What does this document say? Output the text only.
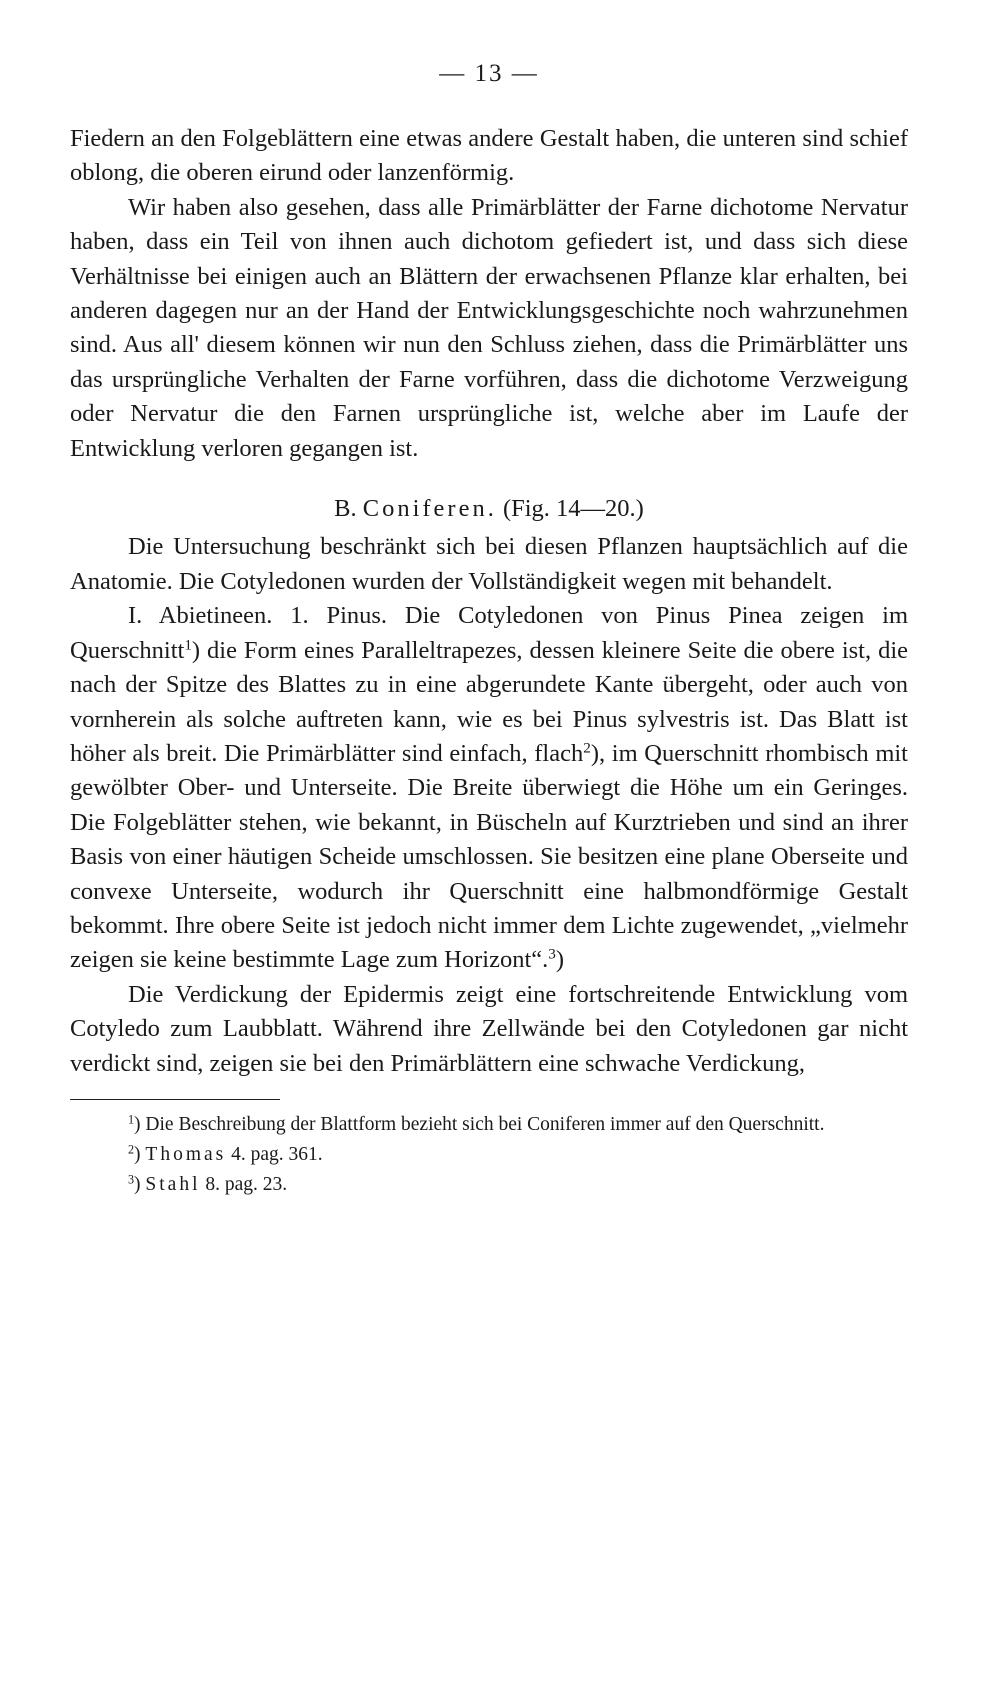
— 13 —

Fiedern an den Folgeblättern eine etwas andere Gestalt haben, die unteren sind schief oblong, die oberen eirund oder lanzenförmig.

Wir haben also gesehen, dass alle Primärblätter der Farne dichotome Nervatur haben, dass ein Teil von ihnen auch dichotom gefiedert ist, und dass sich diese Verhältnisse bei einigen auch an Blättern der erwachsenen Pflanze klar erhalten, bei anderen dagegen nur an der Hand der Entwicklungsgeschichte noch wahrzunehmen sind. Aus all' diesem können wir nun den Schluss ziehen, dass die Primärblätter uns das ursprüngliche Verhalten der Farne vorführen, dass die dichotome Verzweigung oder Nervatur die den Farnen ursprüngliche ist, welche aber im Laufe der Entwicklung verloren gegangen ist.

B. Coniferen. (Fig. 14—20.)

Die Untersuchung beschränkt sich bei diesen Pflanzen hauptsächlich auf die Anatomie. Die Cotyledonen wurden der Vollständigkeit wegen mit behandelt.

I. Abietineen. 1. Pinus. Die Cotyledonen von Pinus Pinea zeigen im Querschnitt$^1$) die Form eines Paralleltrapezes, dessen kleinere Seite die obere ist, die nach der Spitze des Blattes zu in eine abgerundete Kante übergeht, oder auch von vornherein als solche auftreten kann, wie es bei Pinus sylvestris ist. Das Blatt ist höher als breit. Die Primärblätter sind einfach, flach$^2$), im Querschnitt rhombisch mit gewölbter Ober- und Unterseite. Die Breite überwiegt die Höhe um ein Geringes. Die Folgeblätter stehen, wie bekannt, in Büscheln auf Kurztrieben und sind an ihrer Basis von einer häutigen Scheide umschlossen. Sie besitzen eine plane Oberseite und convexe Unterseite, wodurch ihr Querschnitt eine halbmondförmige Gestalt bekommt. Ihre obere Seite ist jedoch nicht immer dem Lichte zugewendet, „vielmehr zeigen sie keine bestimmte Lage zum Horizont“.$^3$)

Die Verdickung der Epidermis zeigt eine fortschreitende Entwicklung vom Cotyledo zum Laubblatt. Während ihre Zellwände bei den Cotyledonen gar nicht verdickt sind, zeigen sie bei den Primärblättern eine schwache Verdickung,

$^1$) Die Beschreibung der Blattform bezieht sich bei Coniferen immer auf den Querschnitt.

$^2$) Thomas 4. pag. 361.

$^3$) Stahl 8. pag. 23.
